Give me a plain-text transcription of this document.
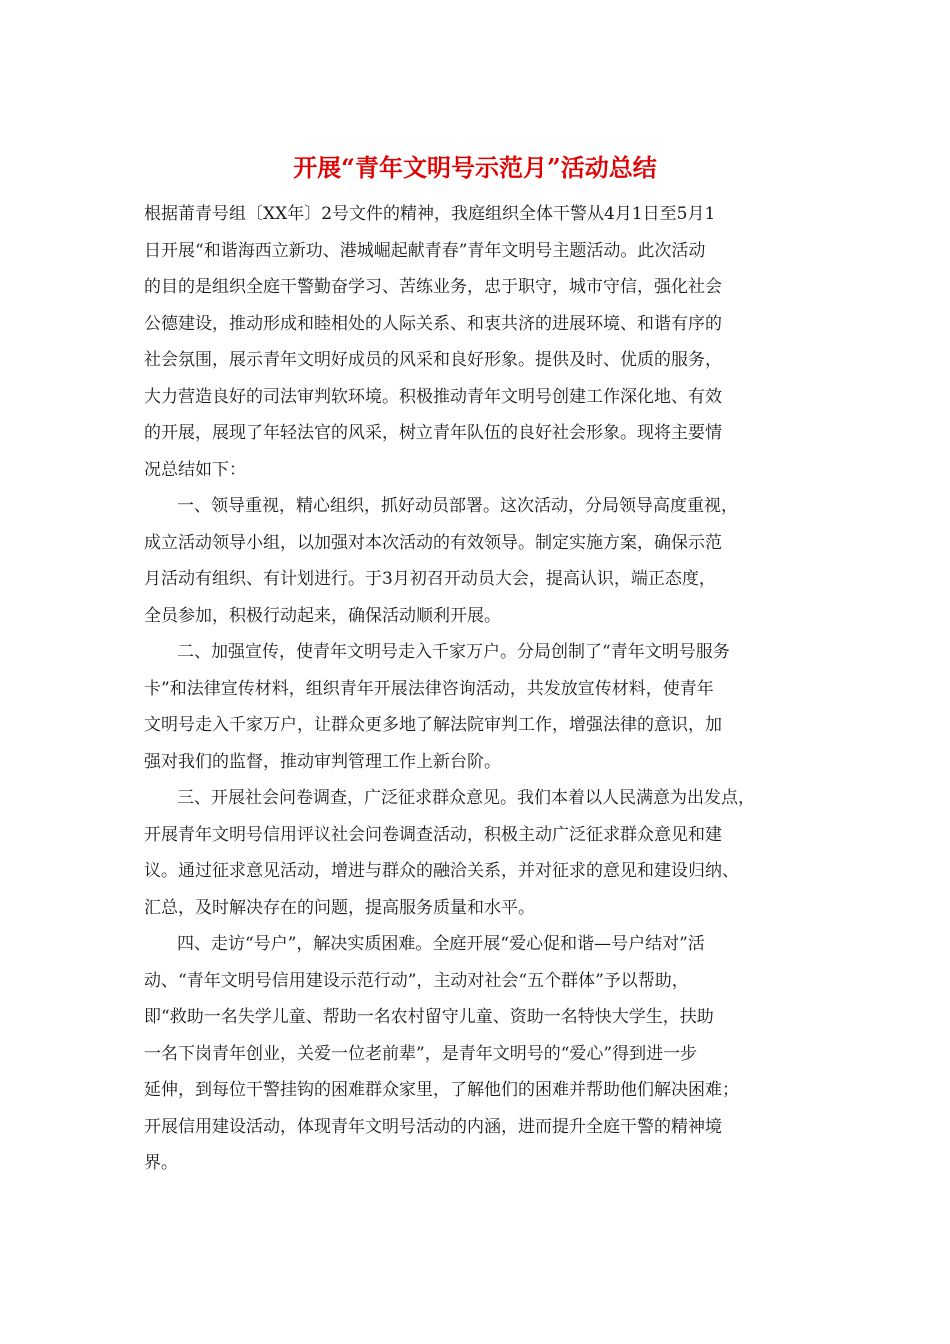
开展“青年文明号示范月”活动总结
根据莆青号组〔XX年〕2号文件的精神，我庭组织全体干警从4月1日至5月1
日开展“和谐海西立新功、港城崛起献青春”青年文明号主题活动。此次活动
的目的是组织全庭干警勤奋学习、苦练业务，忠于职守，城市守信，强化社会
公德建设，推动形成和睦相处的人际关系、和衷共济的进展环境、和谐有序的
社会氛围，展示青年文明好成员的风采和良好形象。提供及时、优质的服务，
大力营造良好的司法审判软环境。积极推动青年文明号创建工作深化地、有效
的开展，展现了年轻法官的风采，树立青年队伍的良好社会形象。现将主要情
况总结如下：
一、领导重视，精心组织，抓好动员部署。这次活动，分局领导高度重视，
成立活动领导小组，以加强对本次活动的有效领导。制定实施方案，确保示范
月活动有组织、有计划进行。于3月初召开动员大会，提高认识，端正态度，
全员参加，积极行动起来，确保活动顺利开展。
二、加强宣传，使青年文明号走入千家万户。分局创制了“青年文明号服务
卡”和法律宣传材料，组织青年开展法律咨询活动，共发放宣传材料，使青年
文明号走入千家万户，让群众更多地了解法院审判工作，增强法律的意识，加
强对我们的监督，推动审判管理工作上新台阶。
三、开展社会问卷调查，广泛征求群众意见。我们本着以人民满意为出发点，
开展青年文明号信用评议社会问卷调查活动，积极主动广泛征求群众意见和建
议。通过征求意见活动，增进与群众的融洽关系，并对征求的意见和建设归纳、
汇总，及时解决存在的问题，提高服务质量和水平。
四、走访“号户”，解决实质困难。全庭开展“爱心促和谐—号户结对”活
动、“青年文明号信用建设示范行动”，主动对社会“五个群体”予以帮助，
即“救助一名失学儿童、帮助一名农村留守儿童、资助一名特快大学生，扶助
一名下岗青年创业，关爱一位老前辈”，是青年文明号的“爱心”得到进一步
延伸，到每位干警挂钩的困难群众家里，了解他们的困难并帮助他们解决困难；
开展信用建设活动，体现青年文明号活动的内涵，进而提升全庭干警的精神境
界。
